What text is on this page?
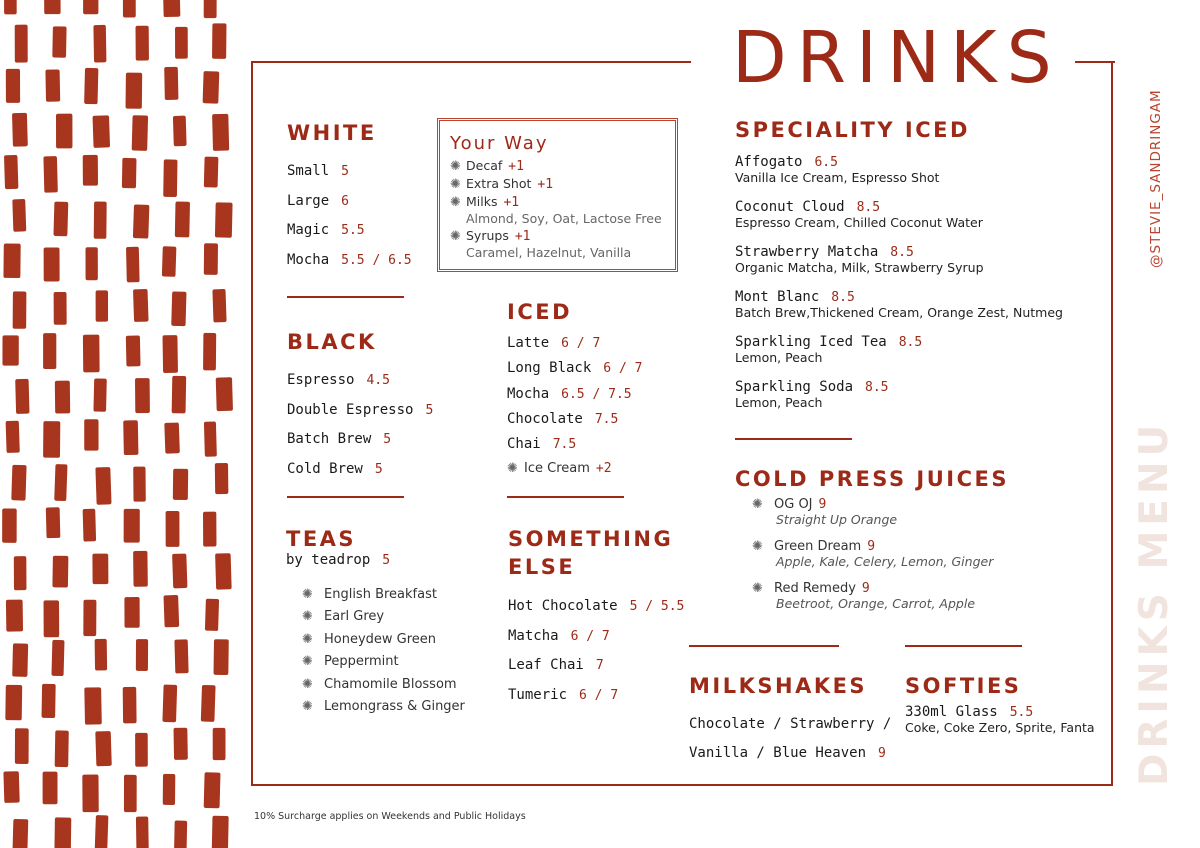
DRINKS
@STEVIE_SANDRINGAM
DRINKS MENU
WHITE
Small 5
Large 6
Magic 5.5
Mocha 5.5 / 6.5
Your Way
✺ Decaf +1
✺ Extra Shot +1
✺ Milks +1
Almond, Soy, Oat, Lactose Free
✺ Syrups +1
Caramel, Hazelnut, Vanilla
BLACK
Espresso 4.5
Double Espresso 5
Batch Brew 5
Cold Brew 5
ICED
Latte 6 / 7
Long Black 6 / 7
Mocha 6.5 / 7.5
Chocolate 7.5
Chai 7.5
✺ Ice Cream +2
TEAS
by teadrop 5
✺ English Breakfast
✺ Earl Grey
✺ Honeydew Green
✺ Peppermint
✺ Chamomile Blossom
✺ Lemongrass & Ginger
SOMETHING
ELSE
Hot Chocolate 5 / 5.5
Matcha 6 / 7
Leaf Chai 7
Tumeric 6 / 7
SPECIALITY ICED
Affogato 6.5
Vanilla Ice Cream, Espresso Shot
Coconut Cloud 8.5
Espresso Cream, Chilled Coconut Water
Strawberry Matcha 8.5
Organic Matcha, Milk, Strawberry Syrup
Mont Blanc 8.5
Batch Brew,Thickened Cream, Orange Zest, Nutmeg
Sparkling Iced Tea 8.5
Lemon, Peach
Sparkling Soda 8.5
Lemon, Peach
COLD PRESS JUICES
✺ OG OJ 9
Straight Up Orange
✺ Green Dream 9
Apple, Kale, Celery, Lemon, Ginger
✺ Red Remedy 9
Beetroot, Orange, Carrot, Apple
MILKSHAKES
Chocolate / Strawberry /
Vanilla / Blue Heaven 9
SOFTIES
330ml Glass 5.5
Coke, Coke Zero, Sprite, Fanta
10% Surcharge applies on Weekends and Public Holidays
